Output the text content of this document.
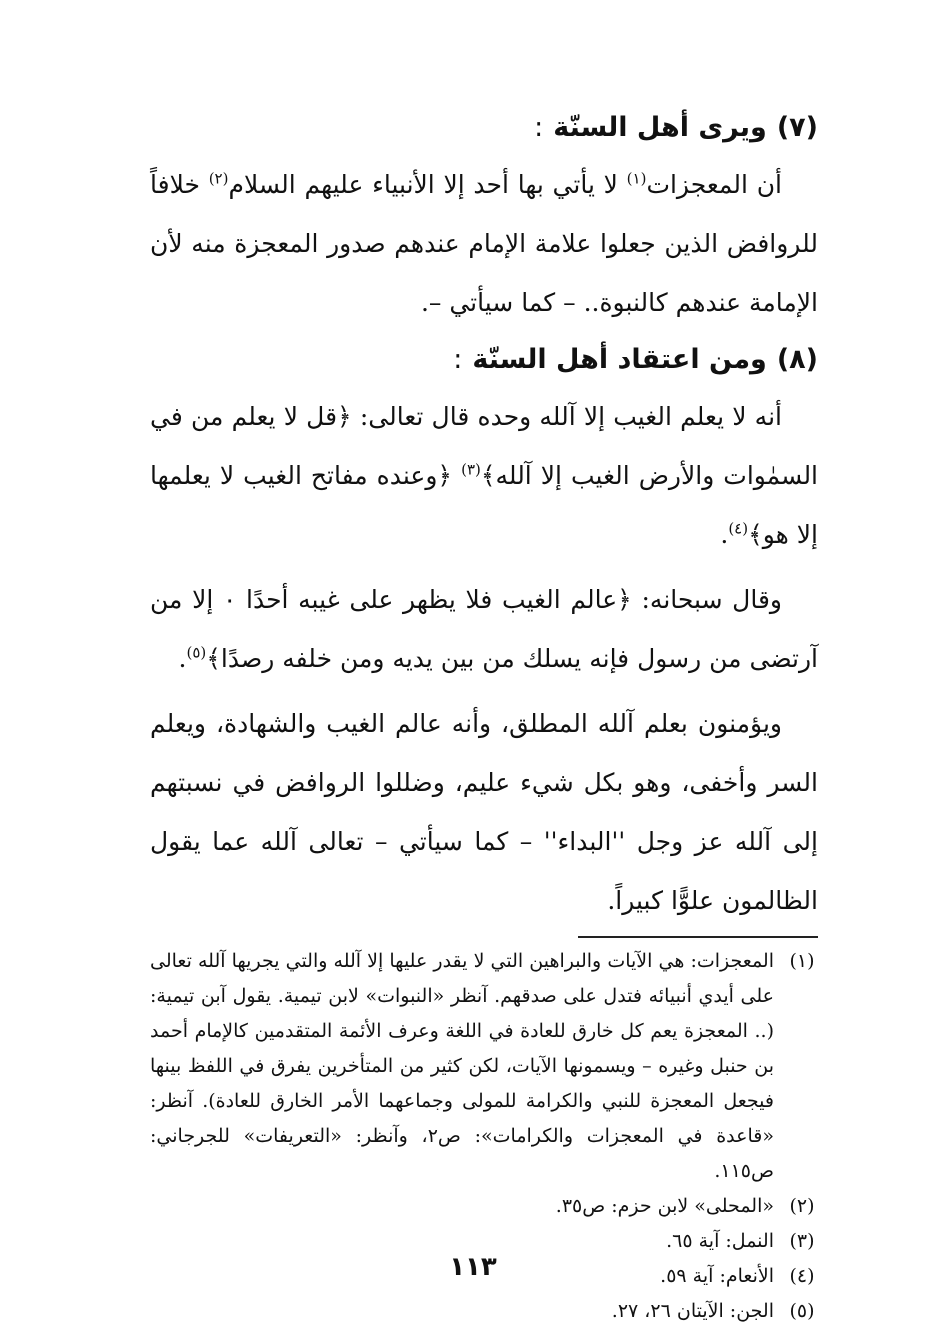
(٧)ويرى أهل السنّة:

أن المعجزات$^{(١)}$ لا يأتي بها أحد إلا الأنبياء عليهم السلام$^{(٢)}$ خلافاً للروافض الذين جعلوا علامة الإمام عندهم صدور المعجزة منه لأن الإمامة عندهم كالنبوة.. – كما سيأتي –.

(٨)ومن اعتقاد أهل السنّة:

أنه لا يعلم الغيب إلا آلله وحده قال تعالى: ﴿قل لا يعلم من في السمٰوات والأرض الغيب إلا آلله﴾$^{(٣)}$ ﴿وعنده مفاتح الغيب لا يعلمها إلا هو﴾$^{(٤)}$.

وقال سبحانه: ﴿عالم الغيب فلا يظهر على غيبه أحدًا ۰ إلا من آرتضى من رسول فإنه يسلك من بين يديه ومن خلفه رصدًا﴾$^{(٥)}$.

ويؤمنون بعلم آلله المطلق، وأنه عالم الغيب والشهادة، ويعلم السر وأخفى، وهو بكل شيء عليم، وضللوا الروافض في نسبتهم إلى آلله عز وجل ''البداء'' – كما سيأتي – تعالى آلله عما يقول الظالمون علوًّا كبيراً.

(١)
المعجزات: هي الآيات والبراهين التي لا يقدر عليها إلا آلله والتي يجريها آلله تعالى على أيدي أنبيائه فتدل على صدقهم. آنظر «النبوات» لابن تيمية. يقول آبن تيمية: (.. المعجزة يعم كل خارق للعادة في اللغة وعرف الأئمة المتقدمين كالإمام أحمد بن حنبل وغيره – ويسمونها الآيات، لكن كثير من المتأخرين يفرق في اللفظ بينها فيجعل المعجزة للنبي والكرامة للمولى وجماعهما الأمر الخارق للعادة). آنظر: «قاعدة في المعجزات والكرامات»: ص٢، وآنظر: «التعريفات» للجرجاني: ص١١٥.
(٢)
«المحلى» لابن حزم: ص٣٥.
(٣)
النمل: آية ٦٥.
(٤)
الأنعام: آية ٥٩.
(٥)
الجن: الآيتان ٢٦، ٢٧.
١١٣
